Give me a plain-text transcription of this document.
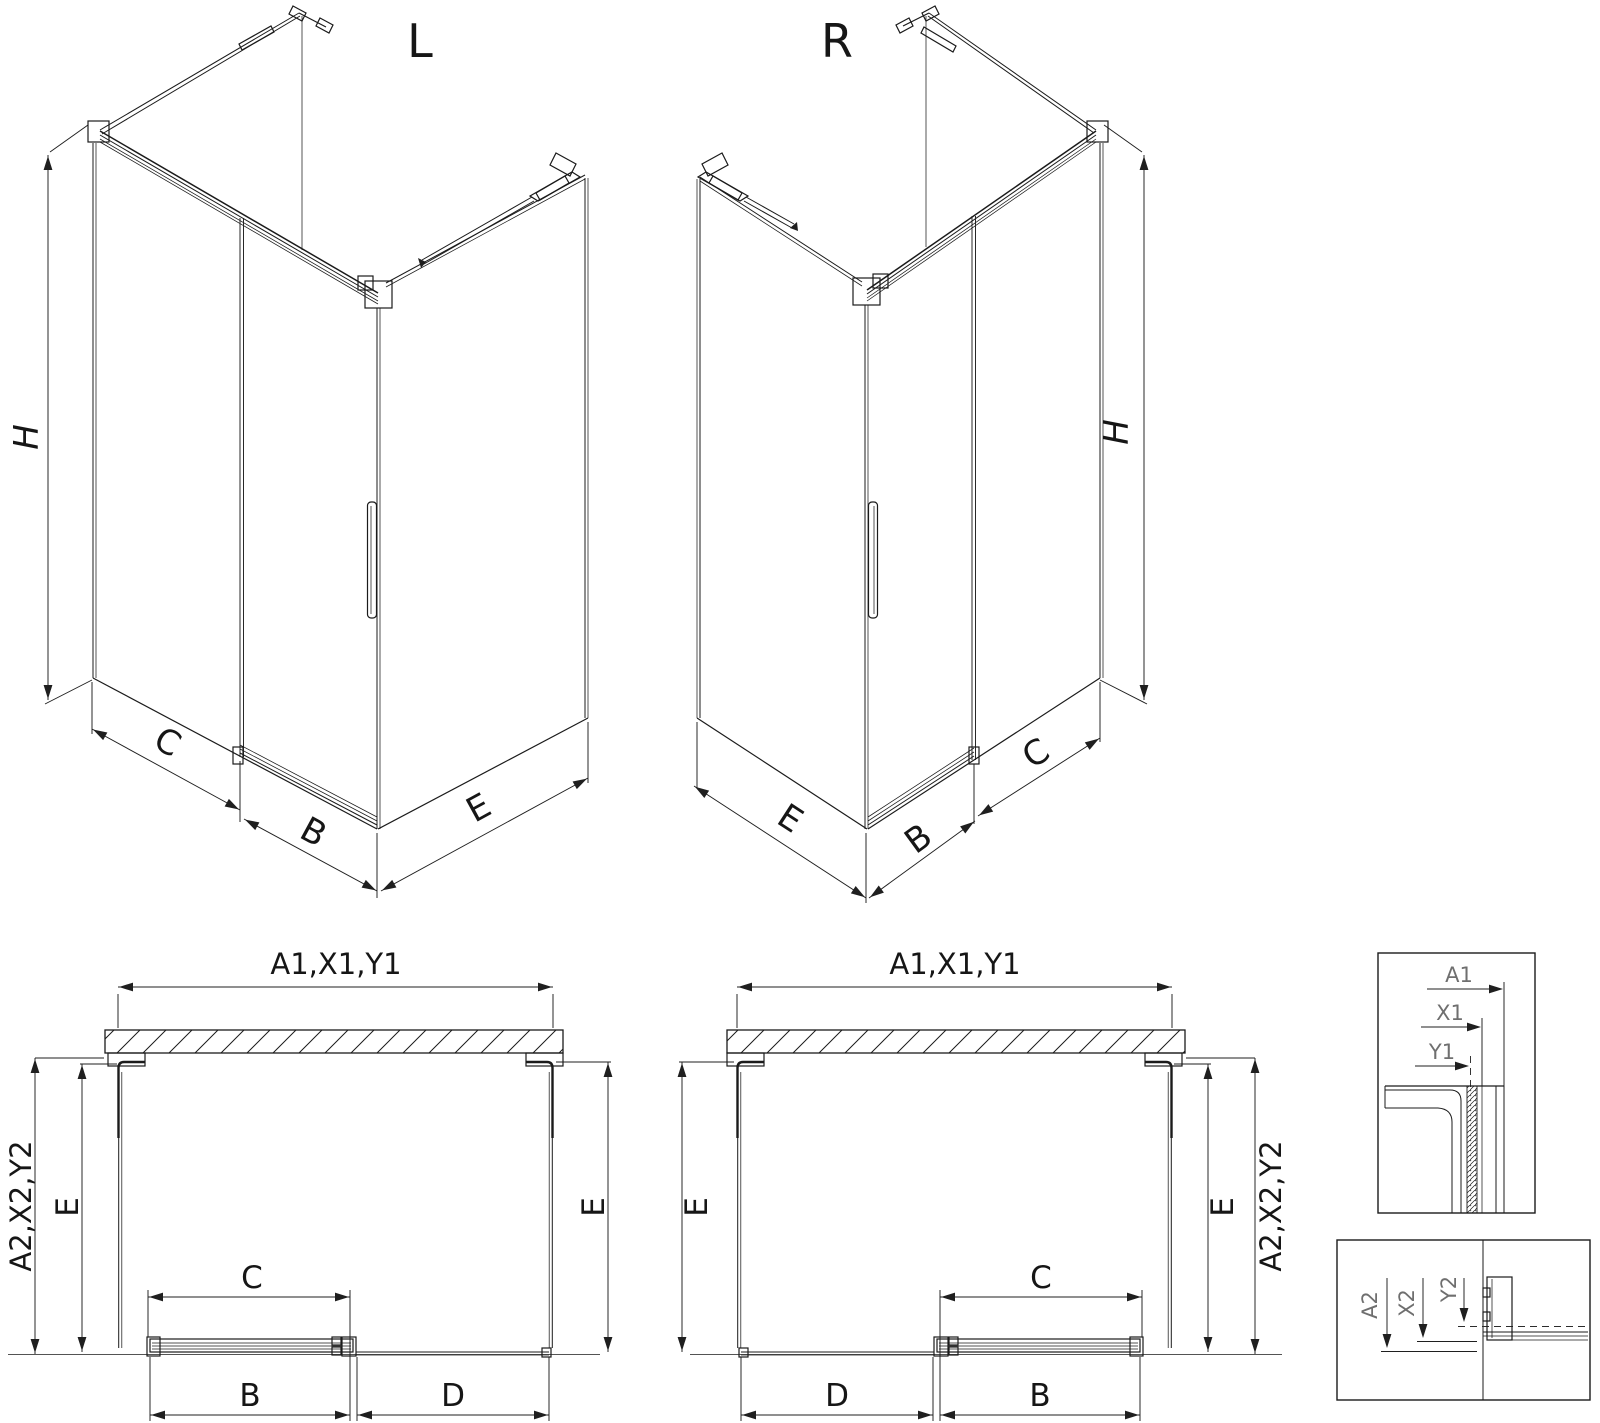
L
H
C
B
E
R
H
E	B
C
A1,X1,Y1
A2,X2,Y2 E	E
C
B	D
A1,X1,Y1
A2,X2,Y2
E	E
C
B
D
A1
X1
Y1
A2 X2
Y2
